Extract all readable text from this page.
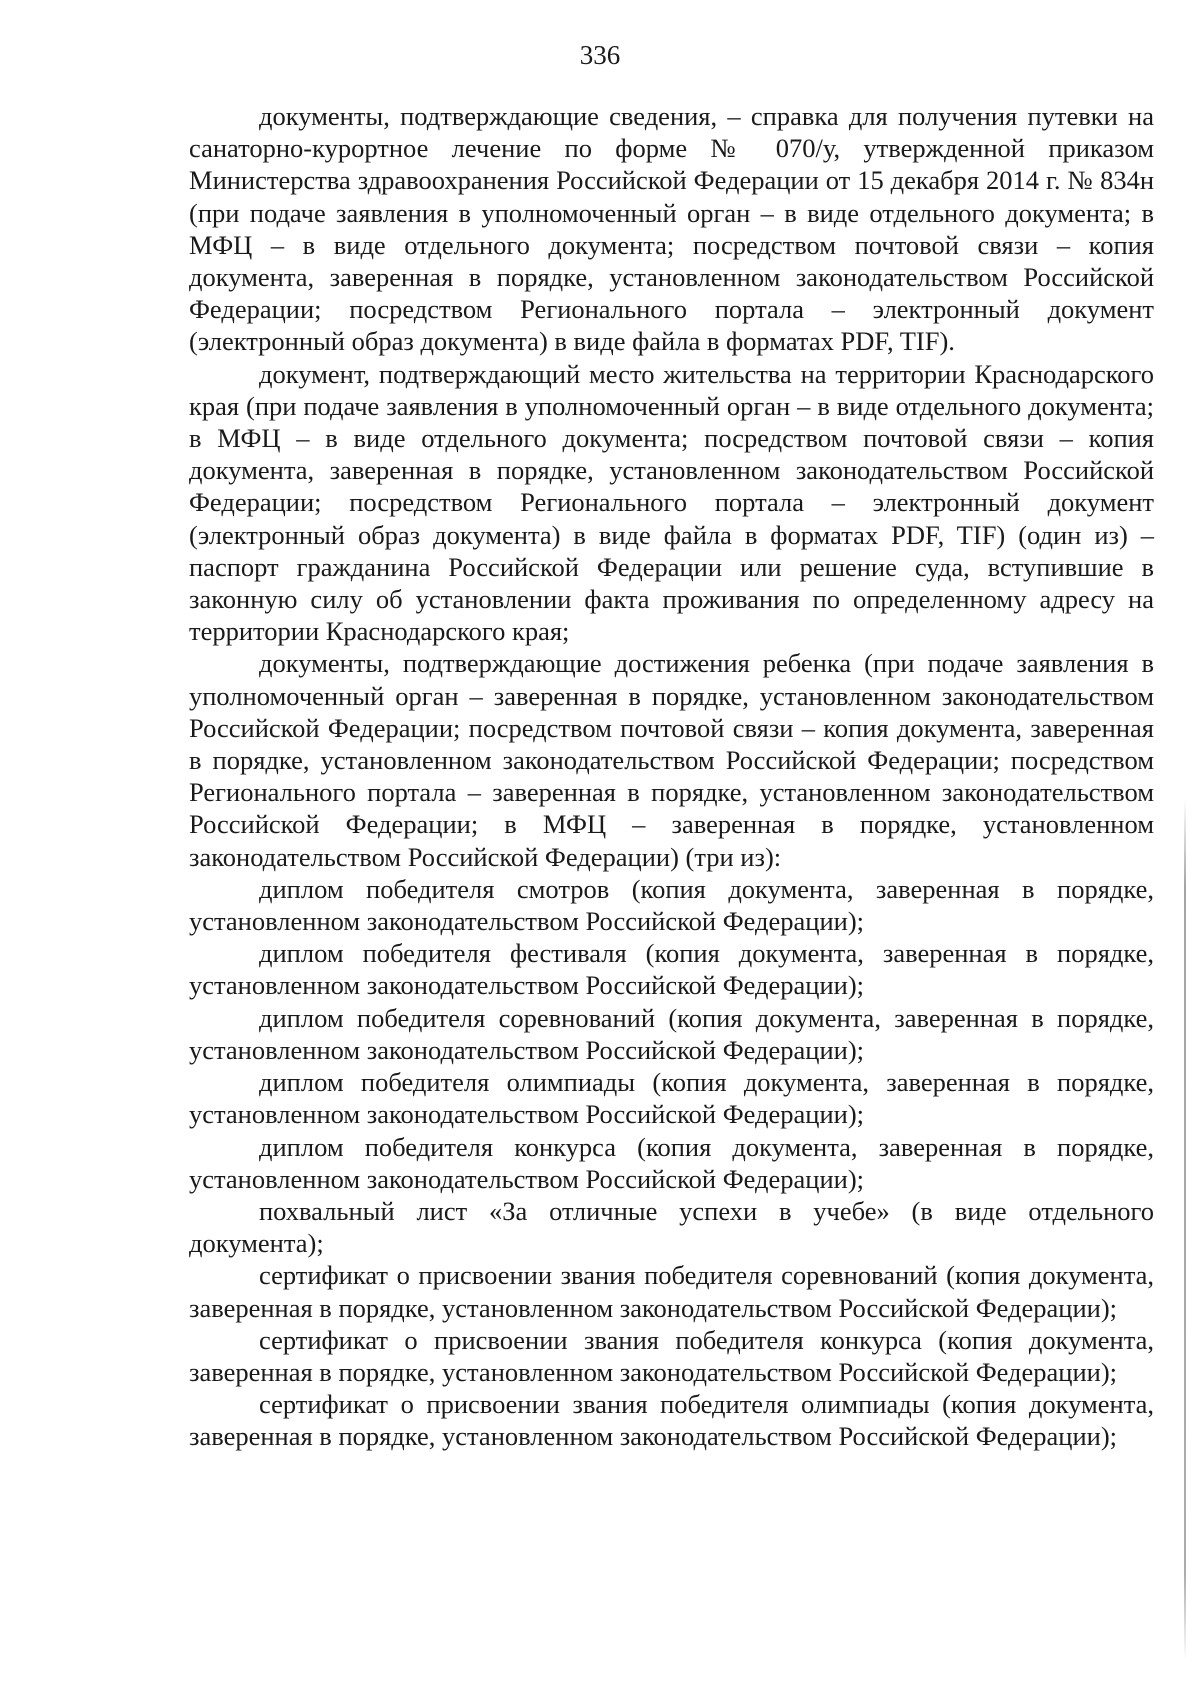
336

документы, подтверждающие сведения, – справка для получения путевки на санаторно-курортное лечение по форме № 070/у, утвержденной приказом Министерства здравоохранения Российской Федерации от 15 декабря 2014 г. № 834н (при подаче заявления в уполномоченный орган – в виде отдельного документа; в МФЦ – в виде отдельного документа; посредством почтовой связи – копия документа, заверенная в порядке, установленном законодательством Российской Федерации; посредством Регионального портала – электронный документ (электронный образ документа) в виде файла в форматах PDF, TIF).

документ, подтверждающий место жительства на территории Краснодарского края (при подаче заявления в уполномоченный орган – в виде отдельного документа; в МФЦ – в виде отдельного документа; посредством почтовой связи – копия документа, заверенная в порядке, установленном законодательством Российской Федерации; посредством Регионального портала – электронный документ (электронный образ документа) в виде файла в форматах PDF, TIF) (один из) – паспорт гражданина Российской Федерации или решение суда, вступившие в законную силу об установлении факта проживания по определенному адресу на территории Краснодарского края;

документы, подтверждающие достижения ребенка (при подаче заявления в уполномоченный орган – заверенная в порядке, установленном законодательством Российской Федерации; посредством почтовой связи – копия документа, заверенная в порядке, установленном законодательством Российской Федерации; посредством Регионального портала – заверенная в порядке, установленном законодательством Российской Федерации; в МФЦ – заверенная в порядке, установленном законодательством Российской Федерации) (три из):

диплом победителя смотров (копия документа, заверенная в порядке, установленном законодательством Российской Федерации);

диплом победителя фестиваля (копия документа, заверенная в порядке, установленном законодательством Российской Федерации);

диплом победителя соревнований (копия документа, заверенная в порядке, установленном законодательством Российской Федерации);

диплом победителя олимпиады (копия документа, заверенная в порядке, установленном законодательством Российской Федерации);

диплом победителя конкурса (копия документа, заверенная в порядке, установленном законодательством Российской Федерации);

похвальный лист «За отличные успехи в учебе» (в виде отдельного документа);

сертификат о присвоении звания победителя соревнований (копия документа, заверенная в порядке, установленном законодательством Российской Федерации);

сертификат о присвоении звания победителя конкурса (копия документа, заверенная в порядке, установленном законодательством Российской Федерации);

сертификат о присвоении звания победителя олимпиады (копия документа, заверенная в порядке, установленном законодательством Российской Федерации);
